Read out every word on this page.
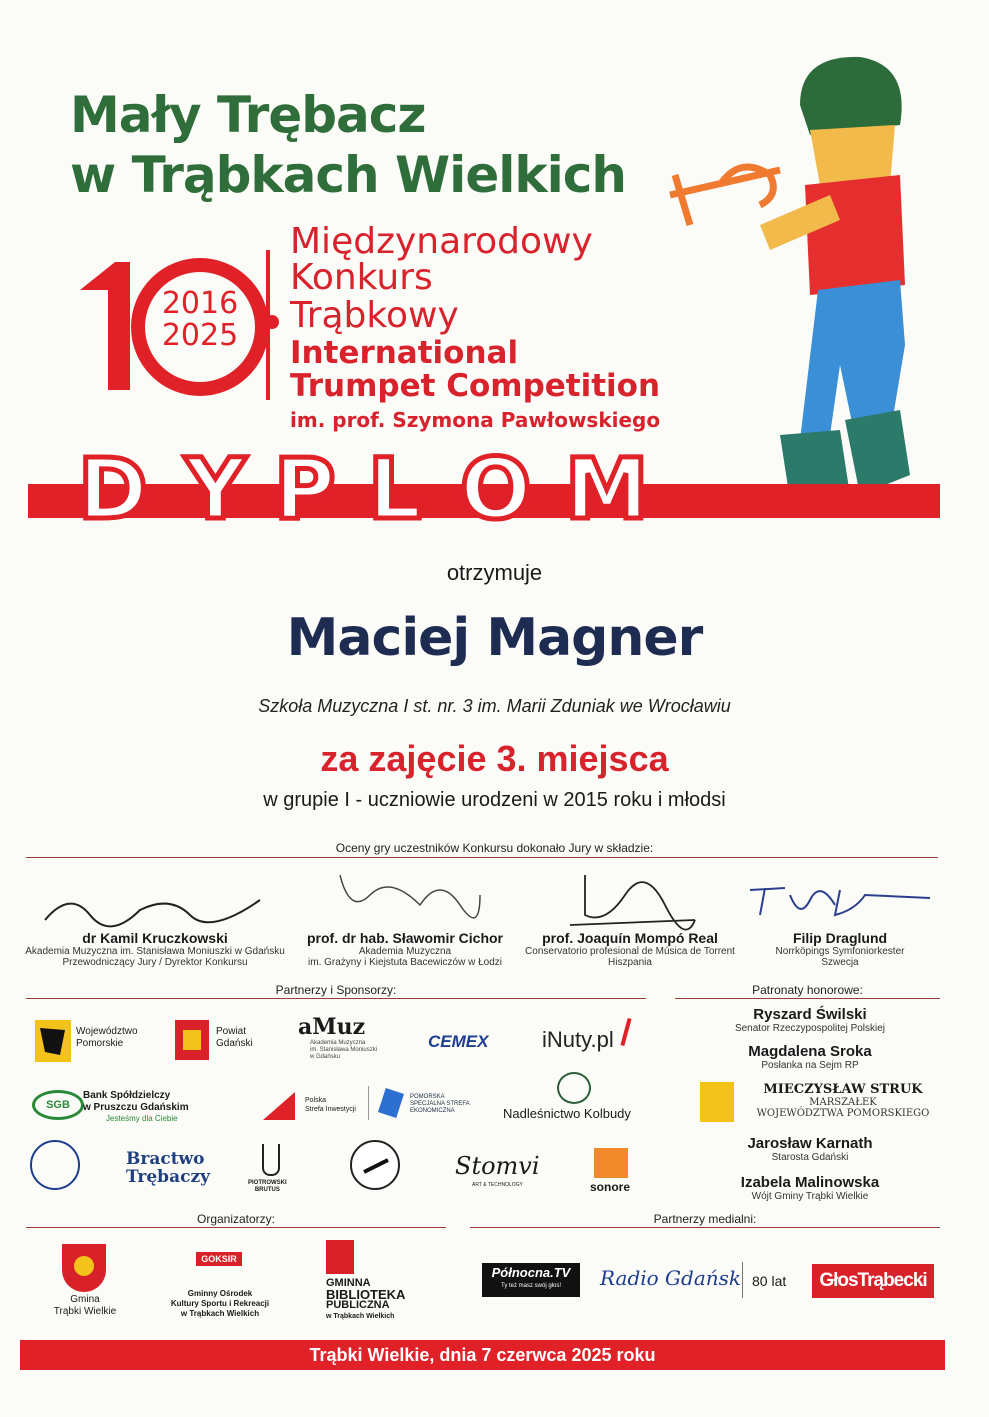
Mały Trębacz
w Trąbkach Wielkich
2016
2025
Międzynarodowy
Konkurs
Trąbkowy
International
Trumpet Competition
im. prof. Szymona Pawłowskiego
D Y P L O M
otrzymuje
Maciej Magner
Szkoła Muzyczna I st. nr. 3 im. Marii Zduniak we Wrocławiu
za zajęcie 3. miejsca
w grupie I - uczniowie urodzeni w 2015 roku i młodsi
Oceny gry uczestników Konkursu dokonało Jury w składzie:
dr Kamil Kruczkowski
Akademia Muzyczna im. Stanisława Moniuszki w Gdańsku
Przewodniczący Jury / Dyrektor Konkursu
prof. dr hab. Sławomir Cichor
Akademia Muzyczna
im. Grażyny i Kiejstuta Bacewiczów w Łodzi
prof. Joaquín Mompó Real
Conservatorio profesional de Música de Torrent
Hiszpania
Filip Draglund
Norrköpings Symfoniorkester
Szwecja
Partnerzy i Sponsorzy:	Patronaty honorowe:
Województwo
Pomorskie
Powiat
Gdański
aMuz
Akademia Muzyczna
im. Stanisława Moniuszki
w Gdańsku
CEMEX iNuty.pl
SGB
Bank Spółdzielczy
w Pruszczu Gdańskim
Jesteśmy dla Ciebie
Polska
Strefa Inwestycji
POMORSKA
SPECJALNA STREFA
EKONOMICZNA	Nadleśnictwo Kolbudy
Bractwo
Trębaczy	PIOTROWSKI
BRUTUS
Stomvi
ART & TECHNOLOGY	sonore
Ryszard Świlski
Senator Rzeczypospolitej Polskiej
Magdalena Sroka
Posłanka na Sejm RP
MIECZYSŁAW STRUK
MARSZAŁEK
WOJEWÓDZTWA POMORSKIEGO
Jarosław Karnath
Starosta Gdański
Izabela Malinowska
Wójt Gminy Trąbki Wielkie
Organizatorzy:	Partnerzy medialni:
Gmina
Trąbki Wielkie
GOKSIR
Gminny Ośrodek
Kultury Sportu i Rekreacji
w Trąbkach Wielkich
GMINNA
BIBLIOTEKA
PUBLICZNA
w Trąbkach Wielkich
Północna.TV
Ty też masz swój głos!	Radio Gdańsk 80 lat	GłosTrąbecki
Trąbki Wielkie, dnia 7 czerwca 2025 roku
